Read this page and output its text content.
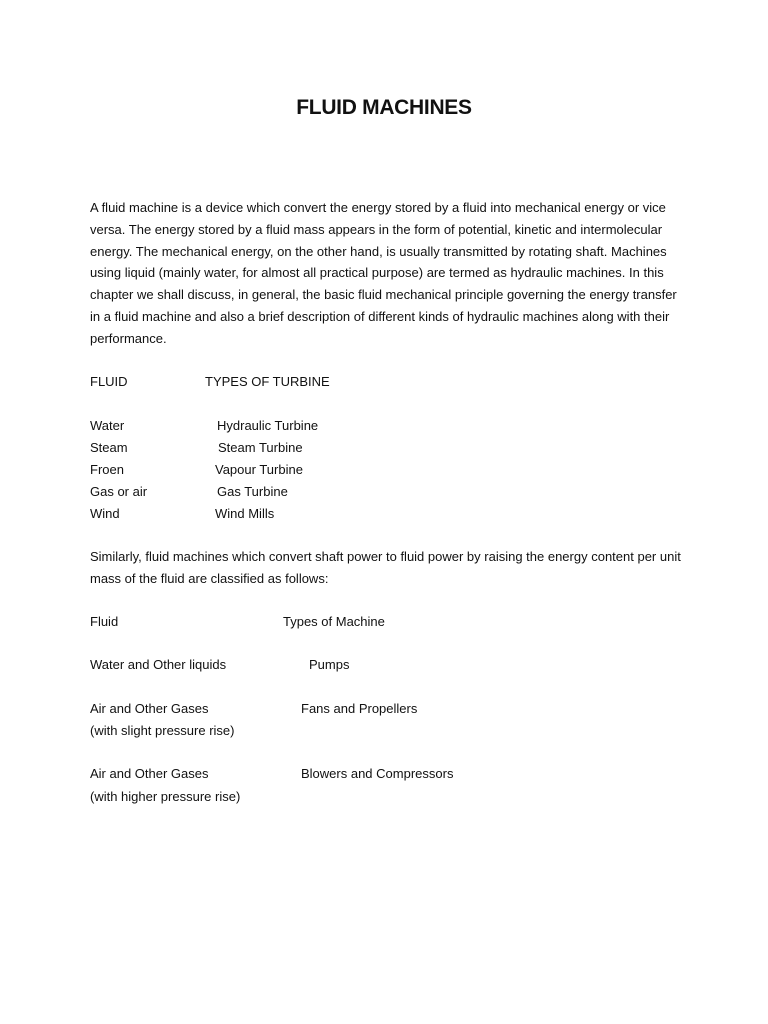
FLUID MACHINES

A fluid machine is a device which convert the energy stored by a fluid into mechanical energy or vice versa. The energy stored by a fluid mass appears in the form of potential, kinetic and intermolecular energy. The mechanical energy, on the other hand, is usually transmitted by rotating shaft. Machines using liquid (mainly water, for almost all practical purpose) are termed as hydraulic machines. In this chapter we shall discuss, in general, the basic fluid mechanical principle governing the energy transfer in a fluid machine and also a brief description of different kinds of hydraulic machines along with their performance.

FLUID	TYPES OF TURBINE
Water	Hydraulic Turbine
Steam	Steam Turbine
Froen	Vapour Turbine
Gas or air	Gas Turbine
Wind	Wind Mills

Similarly, fluid machines which convert shaft power to fluid power by raising the energy content per unit mass of the fluid are classified as follows:

Fluid	Types of Machine
Water and Other liquids	Pumps
Air and Other Gases	Fans and Propellers
(with slight pressure rise)
Air and Other Gases	Blowers and Compressors
(with higher pressure rise)
